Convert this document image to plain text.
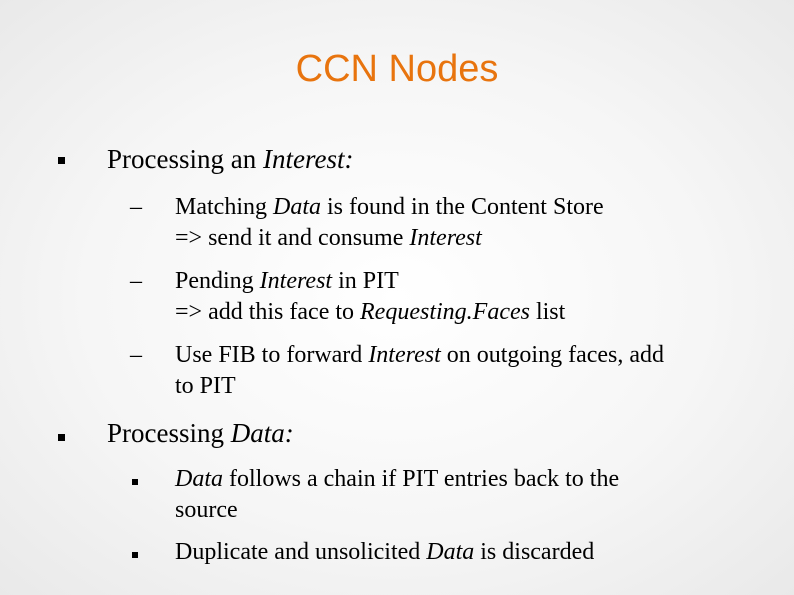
CCN Nodes
Processing an Interest:
– Matching Data is found in the Content Store
=> send it and consume Interest
– Pending Interest in PIT
=> add this face to Requesting.Faces list
– Use FIB to forward Interest on outgoing faces, add
to PIT
Processing Data:
Data follows a chain if PIT entries back to the
source
Duplicate and unsolicited Data is discarded
